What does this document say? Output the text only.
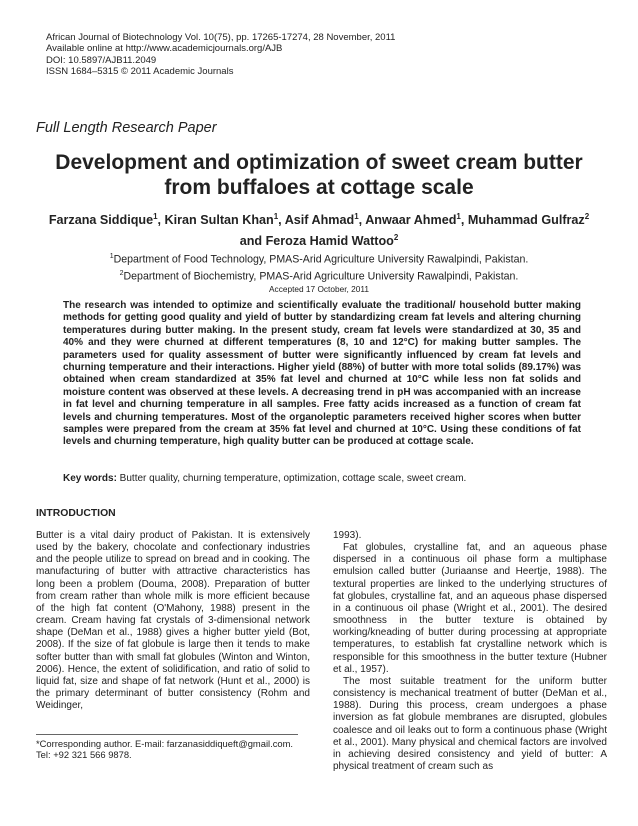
African Journal of Biotechnology Vol. 10(75), pp. 17265-17274, 28 November, 2011
Available online at http://www.academicjournals.org/AJB
DOI: 10.5897/AJB11.2049
ISSN 1684–5315 © 2011 Academic Journals
Full Length Research Paper
Development and optimization of sweet cream butter
from buffaloes at cottage scale
Farzana Siddique$^1$, Kiran Sultan Khan$^1$, Asif Ahmad$^1$, Anwaar Ahmed$^1$, Muhammad Gulfraz$^2$
and Feroza Hamid Wattoo$^2$
$^1$Department of Food Technology, PMAS-Arid Agriculture University Rawalpindi, Pakistan.
$^2$Department of Biochemistry, PMAS-Arid Agriculture University Rawalpindi, Pakistan.
Accepted 17 October, 2011
The research was intended to optimize and scientifically evaluate the traditional/ household butter making methods for getting good quality and yield of butter by standardizing cream fat levels and altering churning temperatures during butter making. In the present study, cream fat levels were standardized at 30, 35 and 40% and they were churned at different temperatures (8, 10 and 12°C) for making butter samples. The parameters used for quality assessment of butter were significantly influenced by cream fat levels and churning temperature and their interactions. Higher yield (88%) of butter with more total solids (89.17%) was obtained when cream standardized at 35% fat level and churned at 10°C while less non fat solids and moisture content was observed at these levels. A decreasing trend in pH was accompanied with an increase in fat level and churning temperature in all samples. Free fatty acids increased as a function of cream fat levels and churning temperatures. Most of the organoleptic parameters received higher scores when butter samples were prepared from the cream at 35% fat level and churned at 10°C. Using these conditions of fat levels and churning temperature, high quality butter can be produced at cottage scale.
Key words: Butter quality, churning temperature, optimization, cottage scale, sweet cream.
INTRODUCTION

Butter is a vital dairy product of Pakistan. It is extensively used by the bakery, chocolate and confectionary industries and the people utilize to spread on bread and in cooking. The manufacturing of butter with attractive characteristics has long been a problem (Douma, 2008). Preparation of butter from cream rather than whole milk is more efficient because of the high fat content (O'Mahony, 1988) present in the cream. Cream having fat crystals of 3-dimensional network shape (DeMan et al., 1988) gives a higher butter yield (Bot, 2008). If the size of fat globule is large then it tends to make softer butter than with small fat globules (Winton and Winton, 2006). Hence, the extent of solidification, and ratio of solid to liquid fat, size and shape of fat network (Hunt et al., 2000) is the primary determinant of butter consistency (Rohm and Weidinger,

1993).

Fat globules, crystalline fat, and an aqueous phase dispersed in a continuous oil phase form a multiphase emulsion called butter (Juriaanse and Heertje, 1988). The textural properties are linked to the underlying structures of fat globules, crystalline fat, and an aqueous phase dispersed in a continuous oil phase (Wright et al., 2001). The desired smoothness in the butter texture is obtained by working/kneading of butter during processing at appropriate temperatures, to establish fat crystalline network which is responsible for this smoothness in the butter texture (Hubner et al., 1957).

The most suitable treatment for the uniform butter consistency is mechanical treatment of butter (DeMan et al., 1988). During this process, cream undergoes a phase inversion as fat globule membranes are disrupted, globules coalesce and oil leaks out to form a continuous phase (Wright et al., 2001). Many physical and chemical factors are involved in achieving desired consistency and yield of butter: A physical treatment of cream such as

*Corresponding author. E-mail: farzanasiddiqueft@gmail.com. Tel: +92 321 566 9878.
